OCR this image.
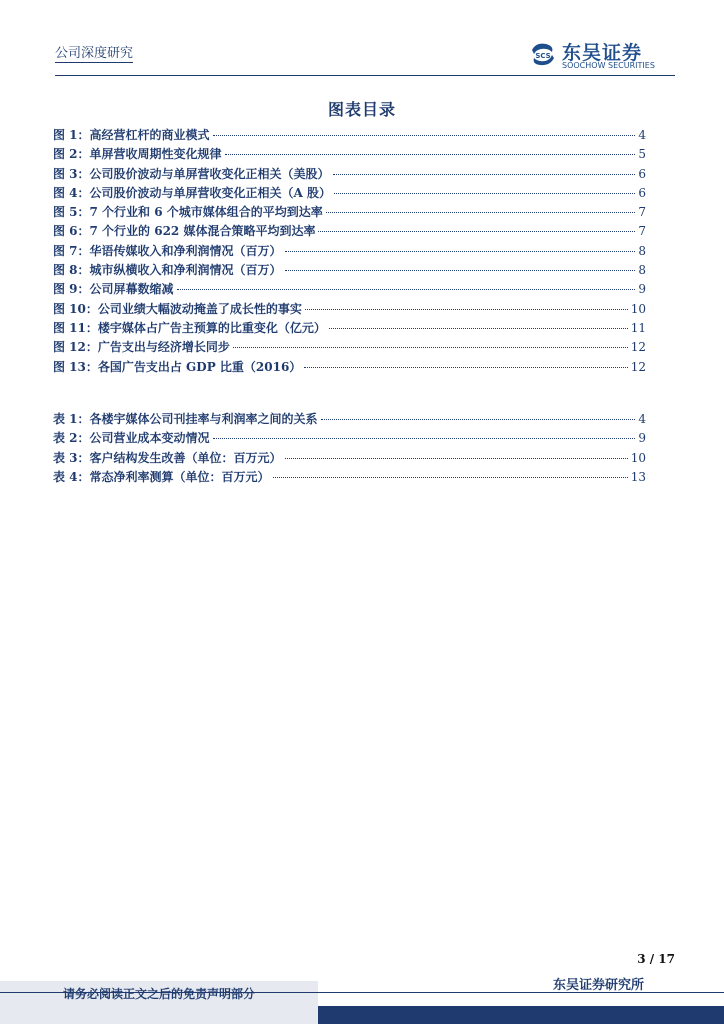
公司深度研究	SCS 东吴证券
SOOCHOW SECURITIES
图表目录
图 1：高经营杠杆的商业模式	4
图 2：单屏营收周期性变化规律	5
图 3：公司股价波动与单屏营收变化正相关（美股）	6
图 4：公司股价波动与单屏营收变化正相关（A 股）	6
图 5：7 个行业和 6 个城市媒体组合的平均到达率	7
图 6：7 个行业的 622 媒体混合策略平均到达率	7
图 7：华语传媒收入和净利润情况（百万）	8
图 8：城市纵横收入和净利润情况（百万）	8
图 9：公司屏幕数缩减	9
图 10：公司业绩大幅波动掩盖了成长性的事实	10
图 11：楼宇媒体占广告主预算的比重变化（亿元）	11
图 12：广告支出与经济增长同步	12
图 13：各国广告支出占 GDP 比重（2016）	12
表 1：各楼宇媒体公司刊挂率与利润率之间的关系	4
表 2：公司营业成本变动情况	9
表 3：客户结构发生改善（单位：百万元）	10
表 4：常态净利率测算（单位：百万元）	13
3 / 17
请务必阅读正文之后的免责声明部分
东吴证券研究所
